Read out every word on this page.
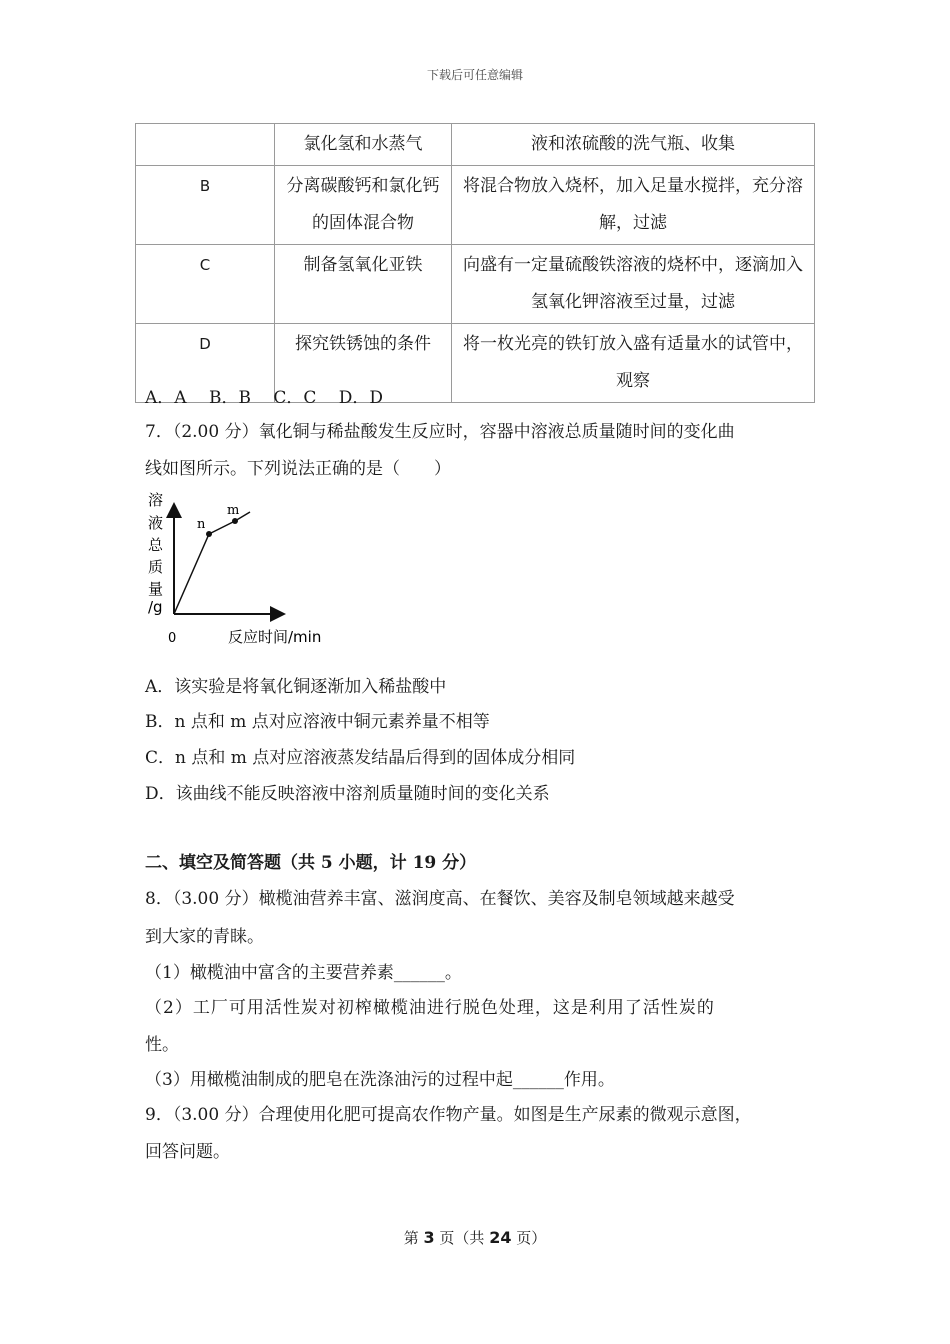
下载后可任意编辑
	氯化氢和水蒸气	液和浓硫酸的洗气瓶、收集
B	分离碳酸钙和氯化钙的固体混合物	将混合物放入烧杯，加入足量水搅拌，充分溶解，过滤
C	制备氢氧化亚铁	向盛有一定量硫酸铁溶液的烧杯中，逐滴加入氢氧化钾溶液至过量，过滤
D	探究铁锈蚀的条件	将一枚光亮的铁钉放入盛有适量水的试管中，观察
A．A　 B．B　 C．C　 D．D
7．（2.00 分）氧化铜与稀盐酸发生反应时，容器中溶液总质量随时间的变化曲
线如图所示。下列说法正确的是（　　）
n
m
溶
液
总
质
量
/g
0	反应时间/min
A．该实验是将氧化铜逐渐加入稀盐酸中
B．n 点和 m 点对应溶液中铜元素养量不相等
C．n 点和 m 点对应溶液蒸发结晶后得到的固体成分相同
D．该曲线不能反映溶液中溶剂质量随时间的变化关系
二、填空及简答题（共 5 小题，计 19 分）
8．（3.00 分）橄榄油营养丰富、滋润度高、在餐饮、美容及制皂领域越来越受
到大家的青睐。
（1）橄榄油中富含的主要营养素______。
（2）工厂可用活性炭对初榨橄榄油进行脱色处理，这是利用了活性炭的
性。
（3）用橄榄油制成的肥皂在洗涤油污的过程中起______作用。
9．（3.00 分）合理使用化肥可提高农作物产量。如图是生产尿素的微观示意图，
回答问题。
第 3 页（共 24 页）
